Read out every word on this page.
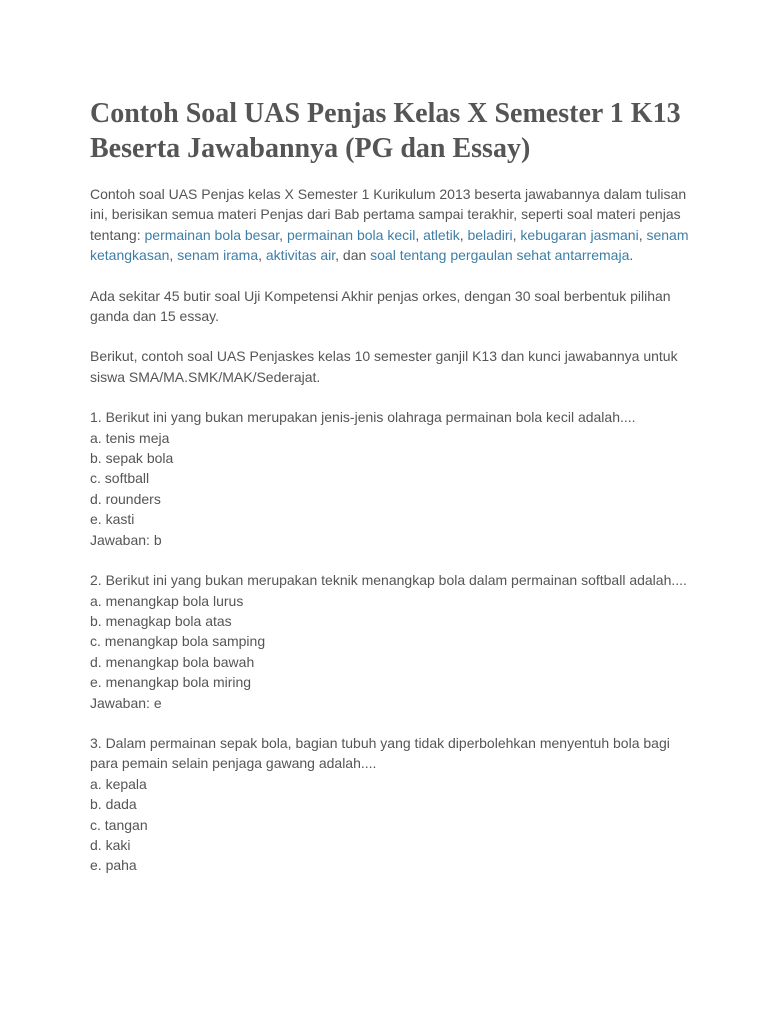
Contoh Soal UAS Penjas Kelas X Semester 1 K13 Beserta Jawabannya (PG dan Essay)

Contoh soal UAS Penjas kelas X Semester 1 Kurikulum 2013 beserta jawabannya dalam tulisan ini, berisikan semua materi Penjas dari Bab pertama sampai terakhir, seperti soal materi penjas tentang: permainan bola besar, permainan bola kecil, atletik, beladiri, kebugaran jasmani, senam ketangkasan, senam irama, aktivitas air, dan soal tentang pergaulan sehat antarremaja.

Ada sekitar 45 butir soal Uji Kompetensi Akhir penjas orkes, dengan 30 soal berbentuk pilihan ganda dan 15 essay.

Berikut, contoh soal UAS Penjaskes kelas 10 semester ganjil K13 dan kunci jawabannya untuk siswa SMA/MA.SMK/MAK/Sederajat.

1. Berikut ini yang bukan merupakan jenis-jenis olahraga permainan bola kecil adalah....
a. tenis meja
b. sepak bola
c. softball
d. rounders
e. kasti
Jawaban: b
2. Berikut ini yang bukan merupakan teknik menangkap bola dalam permainan softball adalah....
a. menangkap bola lurus
b. menagkap bola atas
c. menangkap bola samping
d. menangkap bola bawah
e. menangkap bola miring
Jawaban: e
3. Dalam permainan sepak bola, bagian tubuh yang tidak diperbolehkan menyentuh bola bagi para pemain selain penjaga gawang adalah....
a. kepala
b. dada
c. tangan
d. kaki
e. paha
